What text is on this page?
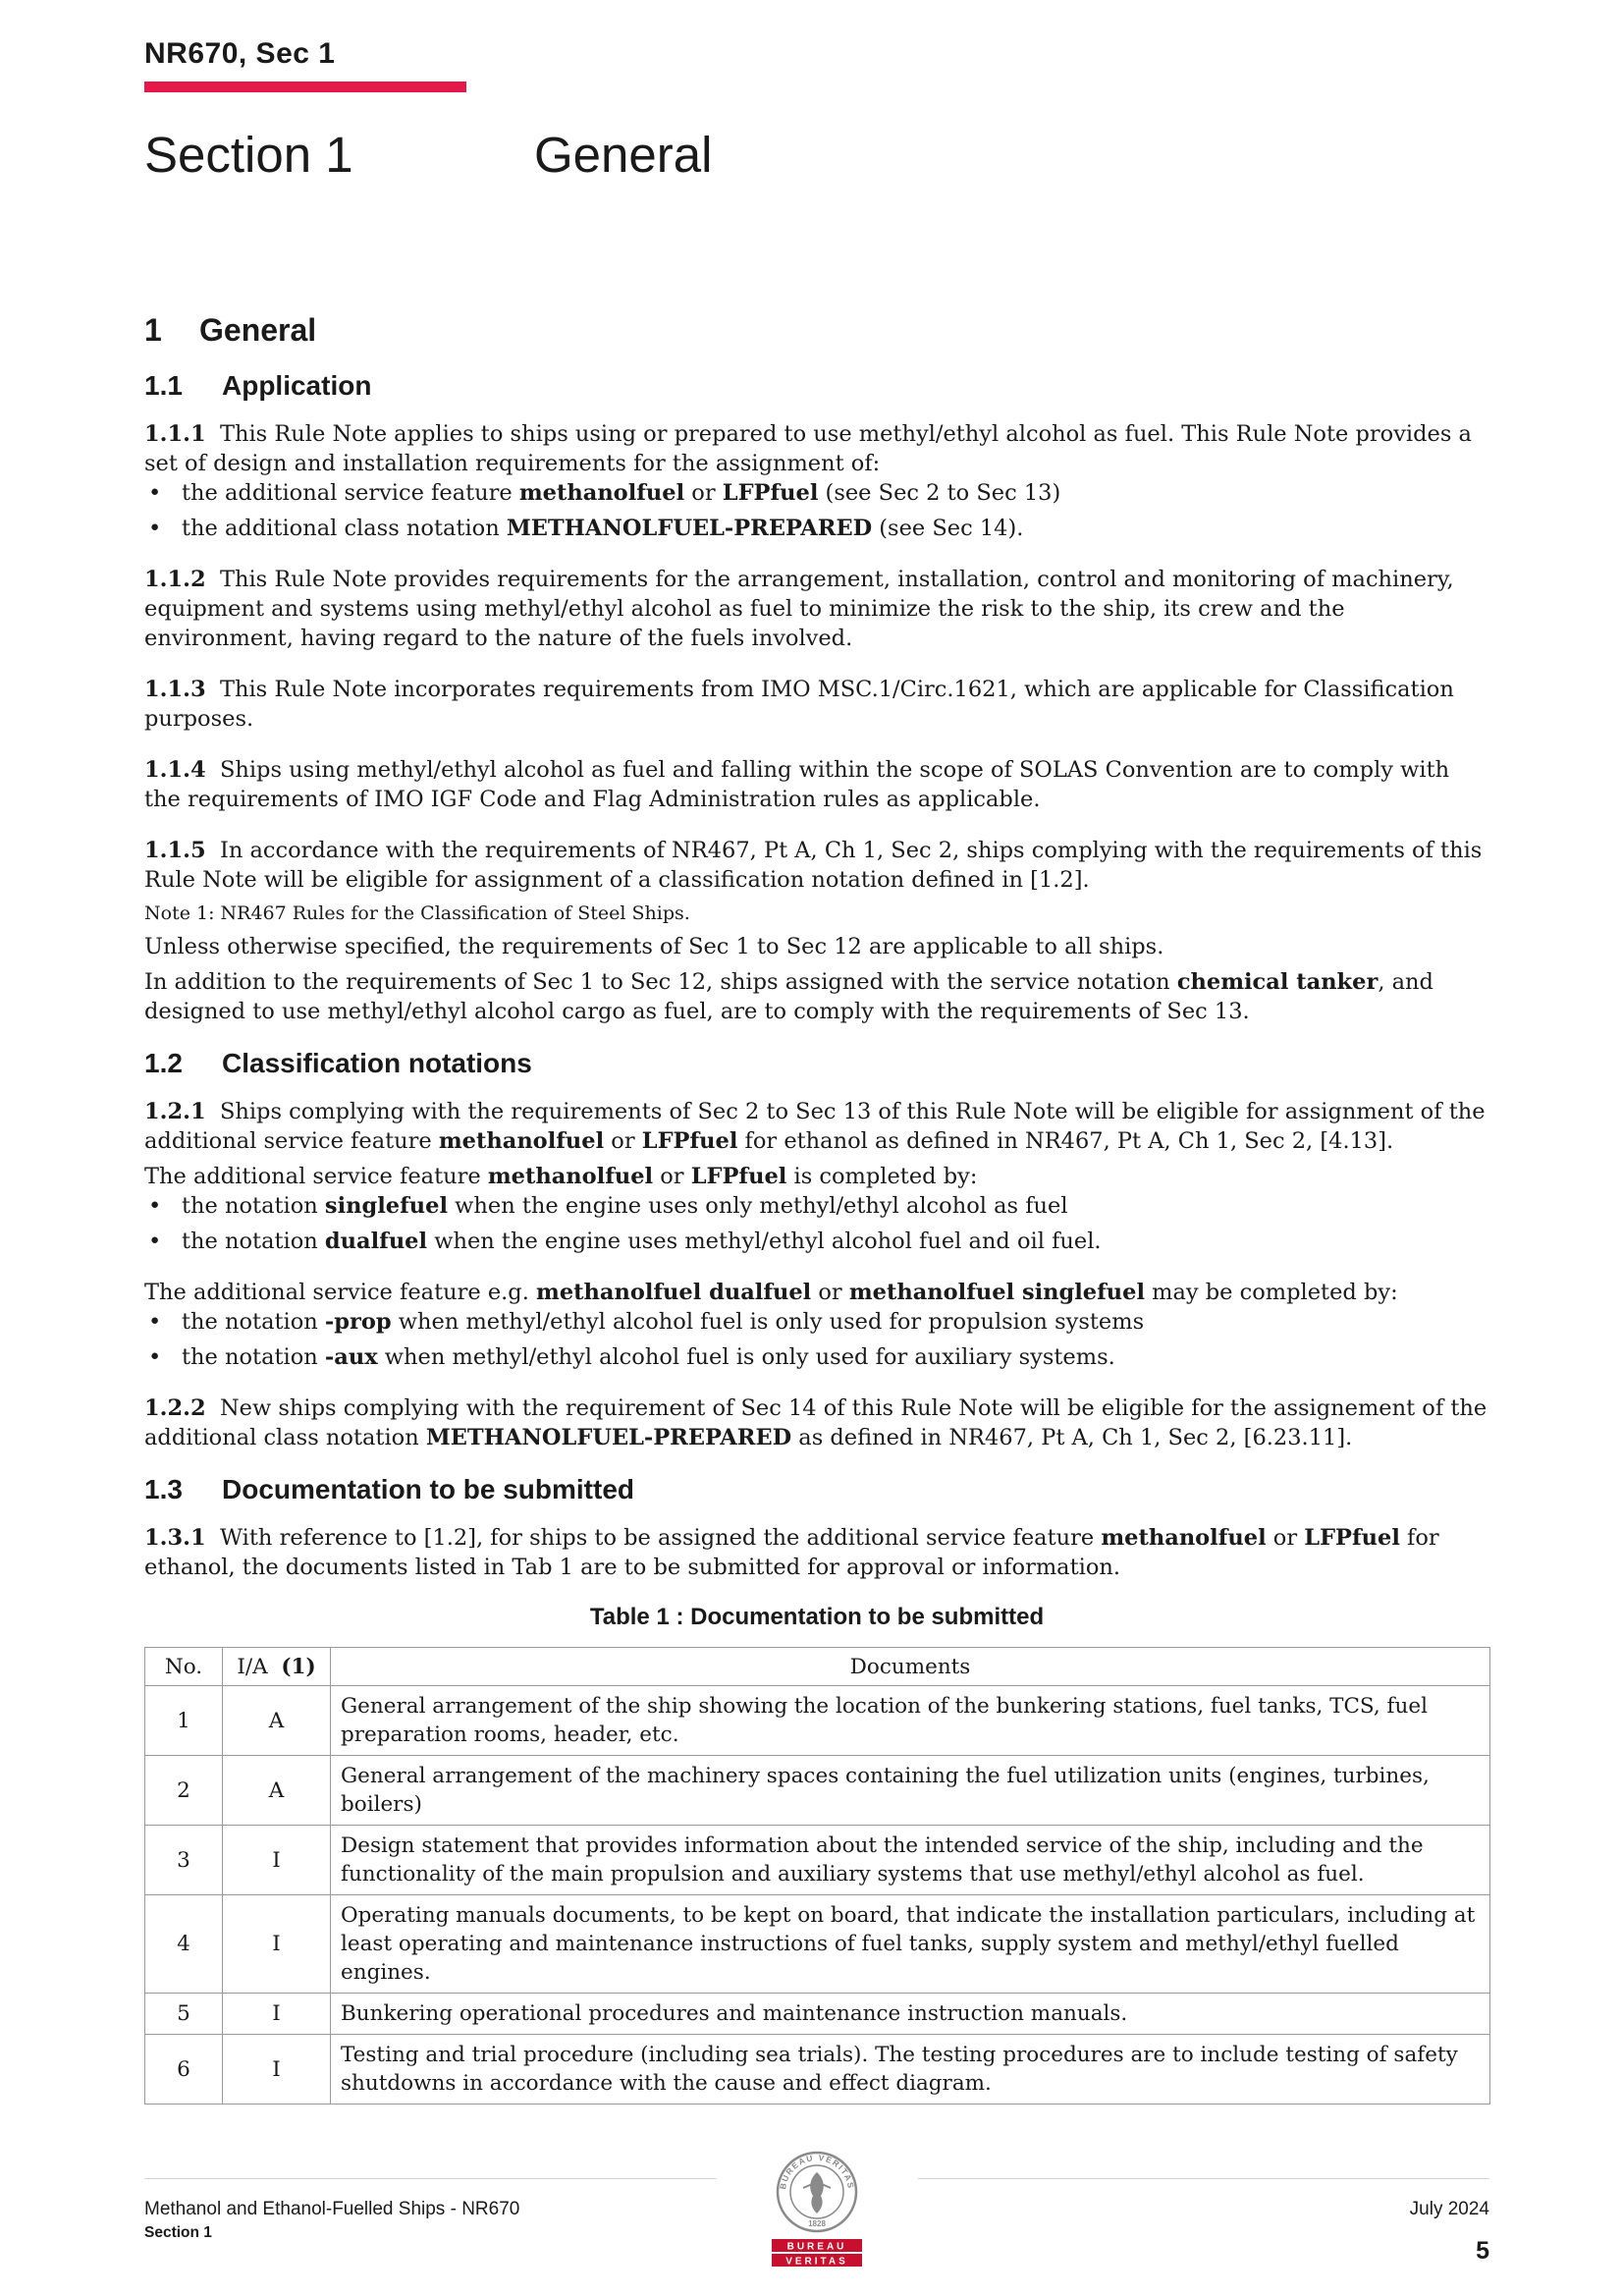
NR670, Sec 1
Section 1	General
1 General
1.1 Application

1.1.1 This Rule Note applies to ships using or prepared to use methyl/ethyl alcohol as fuel. This Rule Note provides a set of design and installation requirements for the assignment of:

• the additional service feature methanolfuel or LFPfuel (see Sec 2 to Sec 13)
• the additional class notation METHANOLFUEL-PREPARED (see Sec 14).

1.1.2 This Rule Note provides requirements for the arrangement, installation, control and monitoring of machinery, equipment and systems using methyl/ethyl alcohol as fuel to minimize the risk to the ship, its crew and the environment, having regard to the nature of the fuels involved.

1.1.3 This Rule Note incorporates requirements from IMO MSC.1/Circ.1621, which are applicable for Classification purposes.

1.1.4 Ships using methyl/ethyl alcohol as fuel and falling within the scope of SOLAS Convention are to comply with the requirements of IMO IGF Code and Flag Administration rules as applicable.

1.1.5 In accordance with the requirements of NR467, Pt A, Ch 1, Sec 2, ships complying with the requirements of this Rule Note will be eligible for assignment of a classification notation defined in [1.2].

Note 1: NR467 Rules for the Classification of Steel Ships.

Unless otherwise specified, the requirements of Sec 1 to Sec 12 are applicable to all ships.

In addition to the requirements of Sec 1 to Sec 12, ships assigned with the service notation chemical tanker, and designed to use methyl/ethyl alcohol cargo as fuel, are to comply with the requirements of Sec 13.

1.2 Classification notations

1.2.1 Ships complying with the requirements of Sec 2 to Sec 13 of this Rule Note will be eligible for assignment of the additional service feature methanolfuel or LFPfuel for ethanol as defined in NR467, Pt A, Ch 1, Sec 2, [4.13].

The additional service feature methanolfuel or LFPfuel is completed by:

• the notation singlefuel when the engine uses only methyl/ethyl alcohol as fuel
• the notation dualfuel when the engine uses methyl/ethyl alcohol fuel and oil fuel.

The additional service feature e.g. methanolfuel dualfuel or methanolfuel singlefuel may be completed by:

• the notation -prop when methyl/ethyl alcohol fuel is only used for propulsion systems
• the notation -aux when methyl/ethyl alcohol fuel is only used for auxiliary systems.

1.2.2 New ships complying with the requirement of Sec 14 of this Rule Note will be eligible for the assignement of the additional class notation METHANOLFUEL-PREPARED as defined in NR467, Pt A, Ch 1, Sec 2, [6.23.11].

1.3 Documentation to be submitted

1.3.1 With reference to [1.2], for ships to be assigned the additional service feature methanolfuel or LFPfuel for ethanol, the documents listed in Tab 1 are to be submitted for approval or information.

Table 1 : Documentation to be submitted
No.	I/A (1)	Documents
1	A	General arrangement of the ship showing the location of the bunkering stations, fuel tanks, TCS, fuel preparation rooms, header, etc.
2	A	General arrangement of the machinery spaces containing the fuel utilization units (engines, turbines, boilers)
3	I	Design statement that provides information about the intended service of the ship, including and the functionality of the main propulsion and auxiliary systems that use methyl/ethyl alcohol as fuel.
4	I	Operating manuals documents, to be kept on board, that indicate the installation particulars, including at least operating and maintenance instructions of fuel tanks, supply system and methyl/ethyl fuelled engines.
5	I	Bunkering operational procedures and maintenance instruction manuals.
6	I	Testing and trial procedure (including sea trials). The testing procedures are to include testing of safety shutdowns in accordance with the cause and effect diagram.
Methanol and Ethanol-Fuelled Ships - NR670
Section 1
July 2024
5
BUREAU VERITAS
1828
BUREAU
VERITAS
